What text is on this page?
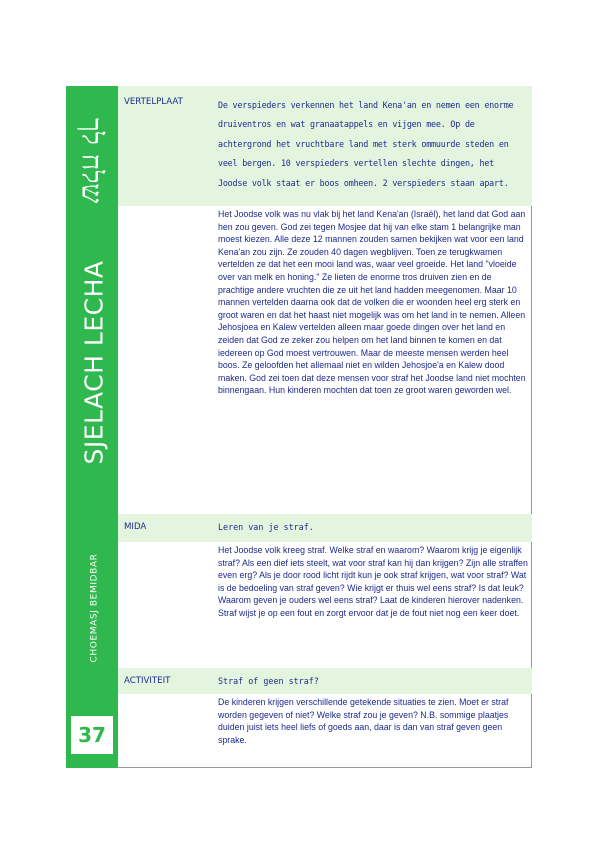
שלח לך
SJELACH LECHA
CHOEMASJ BEMIDBAR
37
VERTELPLAAT	De verspieders verkennen het land Kena'an en nemen een enorme druiventros en wat granaatappels en vijgen mee. Op de achtergrond het vruchtbare land met sterk ommuurde steden en veel bergen. 10 verspieders vertellen slechte dingen, het Joodse volk staat er boos omheen. 2 verspieders staan apart.

Het Joodse volk was nu vlak bij het land Kena'an (Israël), het land dat God aan hen zou geven. God zei tegen Mosjee dat hij van elke stam 1 belangrijke man moest kiezen. Alle deze 12 mannen zouden samen bekijken wat voor een land Kena'an zou zijn. Ze zouden 40 dagen wegblijven. Toen ze terugkwamen vertelden ze dat het een mooi land was, waar veel groeide. Het land "vloeide over van melk en honing." Ze lieten de enorme tros druiven zien en de prachtige andere vruchten die ze uit het land hadden meegenomen. Maar 10 mannen vertelden daarna ook dat de volken die er woonden heel erg sterk en groot waren en dat het haast niet mogelijk was om het land in te nemen. Alleen Jehosjoea en Kalew vertelden alleen maar goede dingen over het land en zeiden dat God ze zeker zou helpen om het land binnen te komen en dat iedereen op God moest vertrouwen. Maar de meeste mensen werden heel boos. Ze geloofden het allemaal niet en wilden Jehosjoe'a en Kalew dood maken. God zei toen dat deze mensen voor straf het Joodse land niet mochten binnengaan. Hun kinderen mochten dat toen ze groot waren geworden wel.

MIDA	Leren van je straf.

Het Joodse volk kreeg straf. Welke straf en waarom? Waarom krijg je eigenlijk straf? Als een dief iets steelt, wat voor straf kan hij dan krijgen? Zijn alle straffen even erg? Als je door rood licht rijdt kun je ook straf krijgen, wat voor straf? Wat is de bedoeling van straf geven? Wie krijgt er thuis wel eens straf? Is dat leuk? Waarom geven je ouders wel eens straf? Laat de kinderen hierover nadenken. Straf wijst je op een fout en zorgt ervoor dat je de fout niet nog een keer doet.

ACTIVITEIT	Straf of geen straf?

De kinderen krijgen verschillende getekende situaties te zien. Moet er straf worden gegeven of niet? Welke straf zou je geven? N.B. sommige plaatjes duiden juist iets heel liefs of goeds aan, daar is dan van straf geven geen sprake.
